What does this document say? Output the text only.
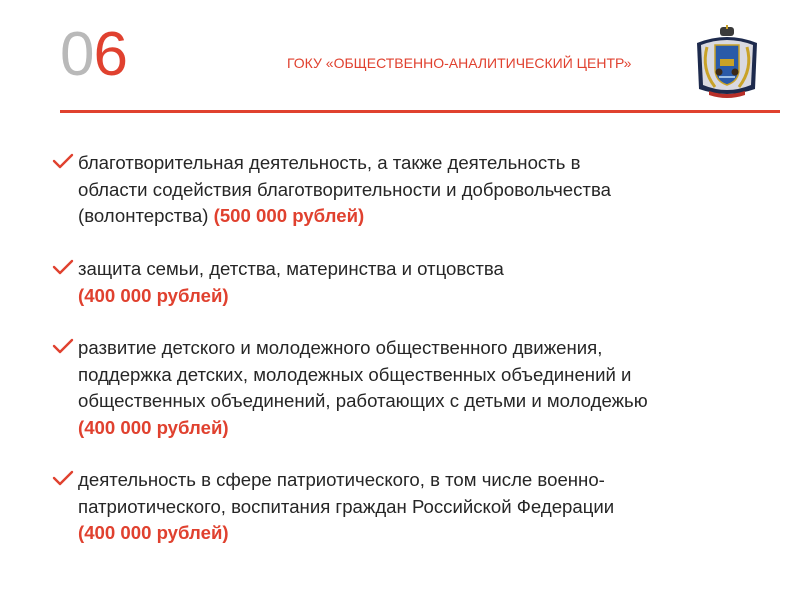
06	ГОКУ «ОБЩЕСТВЕННО-АНАЛИТИЧЕСКИЙ ЦЕНТР»
благотворительная деятельность, а также деятельность в
области содействия благотворительности и добровольчества
(волонтерства) (500 000 рублей)
защита семьи, детства, материнства и отцовства
(400 000 рублей)
развитие детского и молодежного общественного движения,
поддержка детских, молодежных общественных объединений и
общественных объединений, работающих с детьми и молодежью
(400 000 рублей)
деятельность в сфере патриотического, в том числе военно-
патриотического, воспитания граждан Российской Федерации
(400 000 рублей)
